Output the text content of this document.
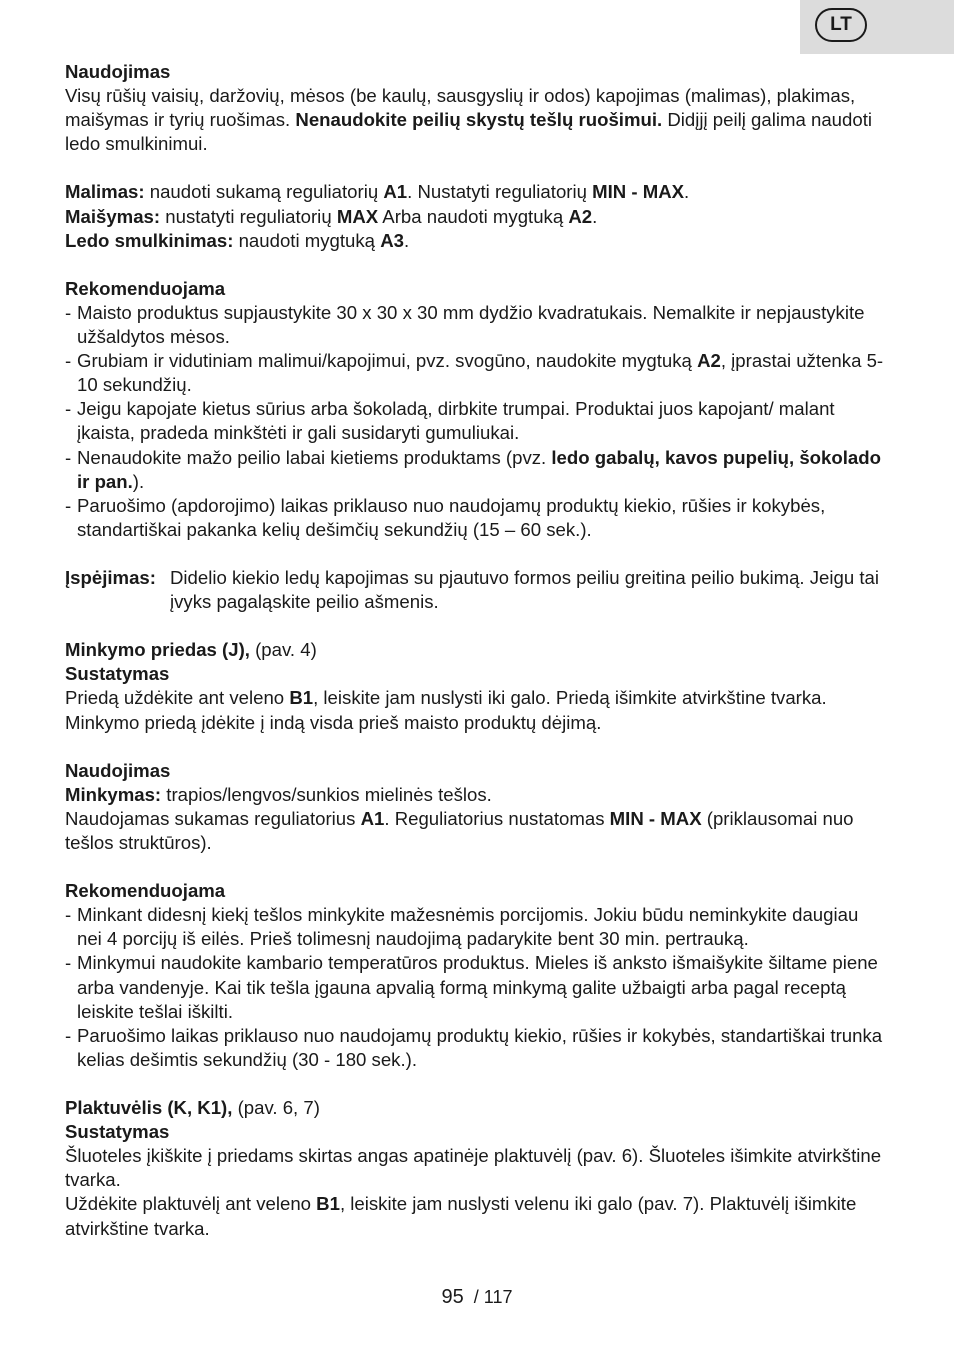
LT

Naudojimas

Visų rūšių vaisių, daržovių, mėsos (be kaulų, sausgyslių ir odos) kapojimas (malimas), plakimas, maišymas ir tyrių ruošimas. Nenaudokite peilių skystų tešlų ruošimui. Didįjį peilį galima naudoti ledo smulkinimui.

Malimas: naudoti sukamą reguliatorių A1. Nustatyti reguliatorių MIN - MAX.

Maišymas: nustatyti reguliatorių MAX Arba naudoti mygtuką A2.

Ledo smulkinimas: naudoti mygtuką A3.

Rekomenduojama

- Maisto produktus supjaustykite 30 x 30 x 30 mm dydžio kvadratukais. Nemalkite ir nepjaustykite užšaldytos mėsos.

- Grubiam ir vidutiniam malimui/kapojimui, pvz. svogūno, naudokite mygtuką A2, įprastai užtenka 5-10 sekundžių.

- Jeigu kapojate kietus sūrius arba šokoladą, dirbkite trumpai. Produktai juos kapojant/ malant įkaista, pradeda minkštėti ir gali susidaryti gumuliukai.

- Nenaudokite mažo peilio labai kietiems produktams (pvz. ledo gabalų, kavos pupelių, šokolado ir pan.).

- Paruošimo (apdorojimo) laikas priklauso nuo naudojamų produktų kiekio, rūšies ir kokybės, standartiškai pakanka kelių dešimčių sekundžių (15 – 60 sek.).

Įspėjimas: Didelio kiekio ledų kapojimas su pjautuvo formos peiliu greitina peilio bukimą. Jeigu tai įvyks pagaląskite peilio ašmenis.

Minkymo priedas (J), (pav. 4)

Sustatymas

Priedą uždėkite ant veleno B1, leiskite jam nuslysti iki galo. Priedą išimkite atvirkštine tvarka. Minkymo priedą įdėkite į indą visda prieš maisto produktų dėjimą.

Naudojimas

Minkymas: trapios/lengvos/sunkios mielinės tešlos.

Naudojamas sukamas reguliatorius A1. Reguliatorius nustatomas MIN - MAX (priklausomai nuo tešlos struktūros).

Rekomenduojama

- Minkant didesnį kiekį tešlos minkykite mažesnėmis porcijomis. Jokiu būdu neminkykite daugiau nei 4 porcijų iš eilės. Prieš tolimesnį naudojimą padarykite bent 30 min. pertrauką.

- Minkymui naudokite kambario temperatūros produktus. Mieles iš anksto išmaišykite šiltame piene arba vandenyje. Kai tik tešla įgauna apvalią formą minkymą galite užbaigti arba pagal receptą leiskite tešlai iškilti.

- Paruošimo laikas priklauso nuo naudojamų produktų kiekio, rūšies ir kokybės, standartiškai trunka kelias dešimtis sekundžių (30 - 180 sek.).

Plaktuvėlis (K, K1), (pav. 6, 7)

Sustatymas

Šluoteles įkiškite į priedams skirtas angas apatinėje plaktuvėlį (pav. 6). Šluoteles išimkite atvirkštine tvarka.

Uždėkite plaktuvėlį ant veleno B1, leiskite jam nuslysti velenu iki galo (pav. 7). Plaktuvėlį išimkite atvirkštine tvarka.

95 / 117
